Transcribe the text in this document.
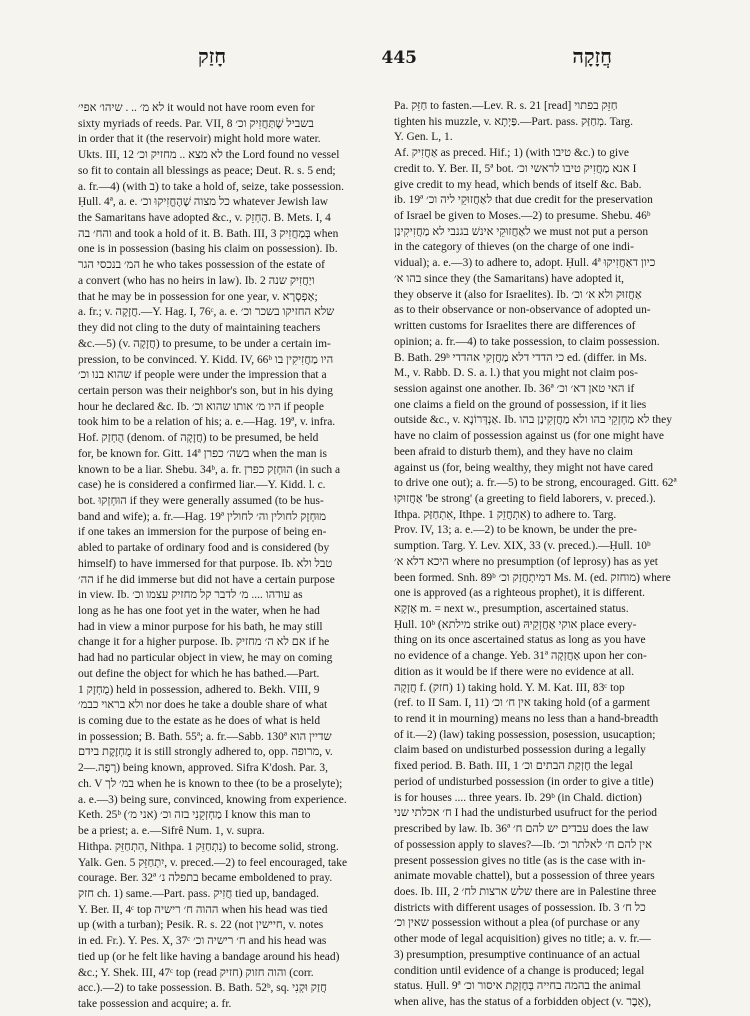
חָזַק	445	חֲזָקָה
לא מ׳ .. . שיהו׳ אפי׳ it would not have room even for
sixty myriads of reeds. Par. VII, 8 בשביל שֶׁתַּחֲזִיק וכ׳
in order that it (the reservoir) might hold more water.
Ukts. III, 12 לא מצא .. מחזיק וכ׳ the Lord found no vessel
so fit to contain all blessings as peace; Deut. R. s. 5 end;
a. fr.—4) (with ב) to take a hold of, seize, take possession.
Ḥull. 4ª, a. e. כל מצוה שֶׁהֶחֱזִיקוּ וכ׳ whatever Jewish law
the Samaritans have adopted &c., v. הֶחְזֵק. B. Mets. I, 4
והח׳ בה and took a hold of it. B. Bath. III, 3 בְּמַחֲזִיק when
one is in possession (basing his claim on possession). Ib.
המ׳ בנכסי הגר he who takes possession of the estate of
a convert (who has no heirs in law). Ib. 2 ויַחֲזִיק שנה
that he may be in possession for one year, v. אַפְסָרָא;
a. fr.; v. חֲזָקָה.—Y. Hag. I, 76ᶜ, a. e. שלא החזיקו בשכר וכ׳
they did not cling to the duty of maintaining teachers
&c.—5) (v. חֲזָקָה) to presume, to be under a certain im-
pression, to be convinced. Y. Kidd. IV, 66ᵇ היו מַחֲזִיקִין בו
שהוא בנו וכ׳ if people were under the impression that a
certain person was their neighbor's son, but in his dying
hour he declared &c. Ib. היו מ׳ אותו שהוא וכ׳ if people
took him to be a relation of his; a. e.—Hag. 19ª, v. infra.
Hof. הֻחְזַק (denom. of חֲזָקָה) to be presumed, be held
for, be known for. Gitt. 14ª בשה׳ כפרן when the man is
known to be a liar. Shebu. 34ᵇ, a. fr. הוּחְזַק כפרן (in such a
case) he is considered a confirmed liar.—Y. Kidd. l. c.
bot. הוּחְזְקוּ if they were generally assumed (to be hus-
band and wife); a. fr.—Hag. 19ª מוּחְזָק לחולין וה׳ לחולין
if one takes an immersion for the purpose of being en-
abled to partake of ordinary food and is considered (by
himself) to have immersed for that purpose. Ib. טבל ולא
הה׳ if he did immerse but did not have a certain purpose
in view. Ib. עודהו .... מ׳ לדבר קל מחזיק עצמו וכ׳ as
long as he has one foot yet in the water, when he had
had in view a minor purpose for his bath, he may still
change it for a higher purpose. Ib. אם לא ה׳ מחזיק if he
had had no particular object in view, he may on coming
out define the object for which he has bathed.—Part.
מֻחְזָק 1) held in possession, adhered to. Bekh. VIII, 9
ולא בראוי כבמ׳ nor does he take a double share of what
is coming due to the estate as he does of what is held
in possession; B. Bath. 55ª; a. fr.—Sabb. 130ª שדיין הוא
מֻחְזֶקֶת בידם it is still strongly adhered to, opp. מרופה, v.
רָפָה.—2) being known, approved. Sifra K'dosh. Par. 3,
ch. V במ׳ לך when he is known to thee (to be a proselyte);
a. e.—3) being sure, convinced, knowing from experience.
Keth. 25ᵇ מַחְזְקֵנִי בזה וכ׳ (אני מ׳) I know this man to
be a priest; a. e.—Sifrê Num. 1, v. supra.
Hithpa. הִתְחַזֵּק, Nithpa. נִתְחַזֵּק 1) to become solid, strong.
Yalk. Gen. 5 יִתְחַזֵּק, v. preced.—2) to feel encouraged, take
courage. Ber. 32ª בתפלה נ׳ became emboldened to pray.
חזק ch. 1) same.—Part. pass. חֲזִיק tied up, bandaged.
Y. Ber. II, 4ᶜ top ההוה ח׳ רישיה when his head was tied
up (with a turban); Pesik. R. s. 22 (not חיישין, v. notes
in ed. Fr.). Y. Pes. X, 37ᶜ ח׳ רישיה וכ׳ and his head was
tied up (or he felt like having a bandage around his head)
&c.; Y. Shek. III, 47ᶜ top (read חזיק) והוה חזוק (corr.
acc.).—2) to take possession. B. Bath. 52ᵇ, sq. חֲזַק וּקְנִי
take possession and acquire; a. fr.
Pa. חַזֵּק to fasten.—Lev. R. s. 21 [read] חַזֵּק בפתוי
tighten his muzzle, v. פַּיְתָא.—Part. pass. מְחַזַּק. Targ.
Y. Gen. L, 1.
Af. אַחֲזִיק as preced. Hif.; 1) (with טיבו &c.) to give
credit to. Y. Ber. II, 5ª bot. אנא מַחֲזִיק טיבו לראשי וכ׳ I
give credit to my head, which bends of itself &c. Bab.
ib. 19ª לאַחֲזוּקֵי ליה וכ׳ that due credit for the preservation
of Israel be given to Moses.—2) to presume. Shebu. 46ᵇ
לאַחֲזוּקֵי אינשׁ בגנבי לא מַחֲזִיקִינַן we must not put a person
in the category of thieves (on the charge of one indi-
vidual); a. e.—3) to adhere to, adopt. Ḥull. 4ª כיון דאַחֲזִיקוּ
בהו א׳ since they (the Samaritans) have adopted it,
they observe it (also for Israelites). Ib. אַחֲזוּק ולא א׳ וכ׳
as to their observance or non-observance of adopted un-
written customs for Israelites there are differences of
opinion; a. fr.—4) to take possession, to claim possession.
B. Bath. 29ᵇ כי הדדי דלא מַחֲזְקִי אהדדי ed. (differ. in Ms.
M., v. Rabb. D. S. a. l.) that you might not claim pos-
session against one another. Ib. 36ª האי טאן דא׳ וכ׳ if
one claims a field on the ground of possession, if it lies
outside &c., v. אַנְדְּרוֹנָא. Ib. לא מַחְזְקֵי בהו ולא מַחֲזְקִינַן בהו they
have no claim of possession against us (for one might have
been afraid to disturb them), and they have no claim
against us (for, being wealthy, they might not have cared
to drive one out); a. fr.—5) to be strong, encouraged. Gitt. 62ª
אַחֲזוּקוּ 'be strong' (a greeting to field laborers, v. preced.).
Ithpa. אִתְחַזַּק, Ithpe. אִתְחֲזֵק 1) to adhere to. Targ.
Prov. IV, 13; a. e.—2) to be known, be under the pre-
sumption. Targ. Y. Lev. XIX, 33 (v. preced.).—Ḥull. 10ᵇ
היכא דלא א׳ where no presumption (of leprosy) has as yet
been formed. Snh. 89ᵇ דמִיתְחֲזַק וכ׳ Ms. M. (ed. מוחזק) where
one is approved (as a righteous prophet), it is different.
אַזְקָא m. = next w., presumption, ascertained status.
Ḥull. 10ᵇ (מילתא strike out) אוקי אַחֲזְקֵיהּ place every-
thing on its once ascertained status as long as you have
no evidence of a change. Yeb. 31ª אַחֲזְקָה upon her con-
dition as it would be if there were no evidence at all.
חֲזָקָה f. (חזק) 1) taking hold. Y. M. Kat. III, 83ᶜ top
(ref. to II Sam. I, 11) אין ח׳ וכ׳ taking hold (of a garment
to rend it in mourning) means no less than a hand-breadth
of it.—2) (law) taking possession, posession, usucaption;
claim based on undisturbed possession during a legally
fixed period. B. Bath. III, 1 חֶזְקַת הבתים וכ׳ the legal
period of undisturbed possession (in order to give a title)
is for houses .... three years. Ib. 29ᵇ (in Chald. diction)
ח׳ אכלתי שני I had the undisturbed usufruct for the period
prescribed by law. Ib. 36ª עבדים יש להם ח׳ does the law
of possession apply to slaves?—Ib. אין להם ח׳ לאלתר וכ׳
present possession gives no title (as is the case with in-
animate movable chattel), but a possession of three years
does. Ib. III, 2 שלש ארצות לח׳ there are in Palestine three
districts with different usages of possession. Ib. 3 כל ח׳
שאין וכ׳ possession without a plea (of purchase or any
other mode of legal acquisition) gives no title; a. v. fr.—
3) presumption, presumptive continuance of an actual
condition until evidence of a change is produced; legal
status. Ḥull. 9ª בהמה בחייה בְּחֶזְקַת איסור וכ׳ the animal
when alive, has the status of a forbidden object (v. אֵבֶר),
